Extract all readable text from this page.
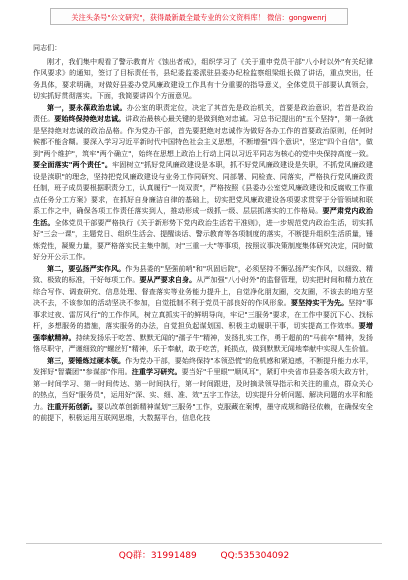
关注头条号"公文研究"，获得最新最全最专业的公文资料库！ 微信：gongwenrj
同志们：

刚才，我们集中观看了警示教育片《蚀出者戒》，组织学习了《关于重申党员干部"八小时以外"有关纪律作风要求》的通知，签订了目标责任书，县纪委监委派驻县委办纪检监察组梁组长做了讲话，重点突出，任务具体，要求明确，对做好县委办党风廉政建设工作具有十分重要的指导意义，全体党员干部要认真领会，切实抓好贯彻落实。下面，我简要讲四个方面意见。

第一，要永葆政治忠诚。办公室的职责定位，决定了其首先是政治机关，首要是政治意识，若首是政治责任。要始终保持绝对忠诚。讲政治最核心最关键的是做到绝对忠诚。习总书记提出的"五个坚持"，第一条就是坚持绝对忠诚的政治品格。作为党办干部，首先要把绝对忠诚作为做好各办工作的首要政治原则，任何时候都不能含糊。要深入学习习近平新时代中国特色社会主义思想，不断增强"四个意识"，坚定"四个自信"，做到"两个维护"，筑牢"两个确立"，始终在思想上政治上行动上同以习近平同志为核心的党中央保持高度一致。要全面落实"两个责任"。牢固树立"抓好党风廉政建设是本职，抓不好党风廉政建设是失职，不抓党风廉政建设是渎职"的理念，坚持把党风廉政建设与业务工作同研究、同部署、同检查、同落实，严格执行党风廉政责任制，班子成员要根据职责分工，认真履行"一岗双责"，严格按照《县委办公室党风廉政建设和反腐败工作重点任务分工方案》要求，在抓好自身廉洁自律的基础上，切实把党风廉政建设各项要求贯穿于分管领域和联系工作之中，确保各项工作责任落实到人，推动形成一级抓一级、层层抓落实的工作格局。要严肃党内政治生活。全体党员干部要严格执行《关于新形势下党内政治生活若干准则》，进一步规范党内政治生活，切实抓好"三会一课"，主题党日、组织生活会、提醒谈话、警示教育等各项制度的落实，不断提升组织生活质量，锤炼党性，凝聚力量，要严格落实民主集中制，对"三重一大"等事项，按照议事决策制度集体研究决定，同时做好分开公示工作。

第二，要弘扬严实作风。作为县委的"坚强前哨"和"巩固后院"，必须坚持不懈弘扬严实作风，以细致、精致、极致的标准，干好每项工作。要从严要求自身。从严加强"八小时外"的监督管理，切实把时间和精力放在综合写作、调查研究、信息处理、督查落实等业务能力提升上，自觉净化朋友圈，交友圈，不该去的地方坚决不去，不该参加的活动坚决不参加，自觉抵制不利于党员干部良好的作风形象。要坚持实干为先。坚持"事事求过夜、雷厉风行"的工作作风，树立真抓实干的鲜明导向，牢记"三服务"要求，在工作中要沉下心、找标杆，多想服务的措施，落实服务的办法，自觉担负起谋划国、积极主动履职干事，切实提高工作效率。要增强奉献精神。持续发扬乐于吃苦、默默无闻的"孺子牛"精神，发扬扎实工作，勇于超前的"马前卒"精神，发扬恪尽职守，严谨细致的"螺丝钉"精神，乐于奉献，敢于吃苦，耗损点，做到默默无闻地奉献中实现人生价值。

第三，要锤炼过硬本领。作为党办干部，要始终保持"本领恐慌"的危机感和紧迫感，不断提升能力水平，发挥好"智囊团""参谋部"作用。注重学习研究。要当好"千里眼""顺风耳"，紧盯中央省市县委各项大政方针，第一时间学习、第一时间传达、第一时间执行，第一时间跟进，及时摘录领导指示和关注的重点，群众关心的热点，当好"服务员"，运用好"深、实、细、准、效"五字工作法，切实提升分析问题、解决问题的水平和能力。注重开拓创新。要以改革创新精神谋划"三服务"工作，克服藏在案博，墨守成规和路径依赖，在确保安全的前提下，积极运用互联网思维，大数据平台，信息化技

QQ群：31991489	QQ:535304092
